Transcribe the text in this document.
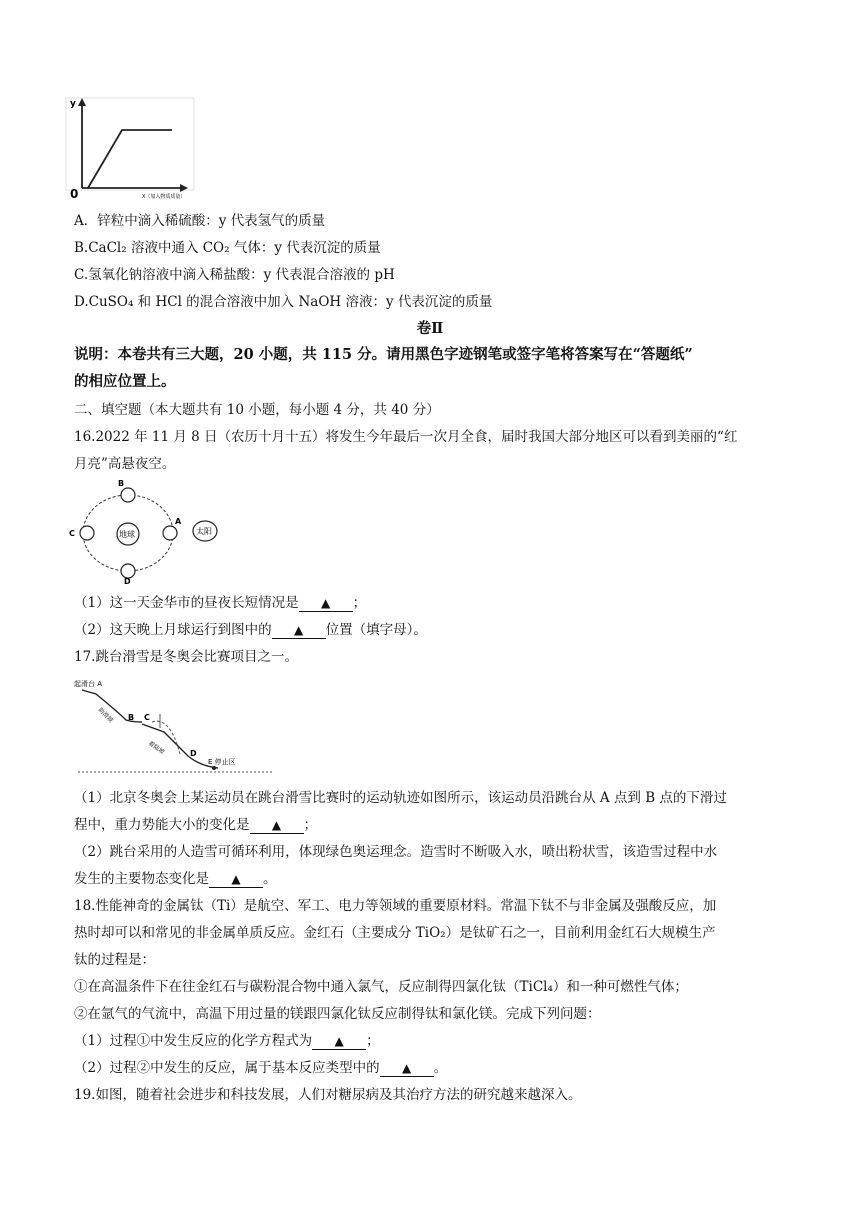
y
0	X（加入物质质量）
A．锌粒中滴入稀硫酸：y 代表氢气的质量
B.CaCl₂ 溶液中通入 CO₂ 气体：y 代表沉淀的质量
C.氢氧化钠溶液中滴入稀盐酸：y 代表混合溶液的 pH
D.CuSO₄ 和 HCl 的混合溶液中加入 NaOH 溶液：y 代表沉淀的质量
卷Ⅱ
说明：本卷共有三大题，20 小题，共 115 分。请用黑色字迹钢笔或签字笔将答案写在“答题纸”
的相应位置上。
二、填空题（本大题共有 10 小题，每小题 4 分，共 40 分）
16.2022 年 11 月 8 日（农历十月十五）将发生今年最后一次月全食，届时我国大部分地区可以看到美丽的“红
月亮”高悬夜空。
地球
B
D
C
A
太阳
（1）这一天金华市的昼夜长短情况是 ▲ ；
（2）这天晚上月球运行到图中的 ▲ 位置（填字母）。
17.跳台滑雪是冬奥会比赛项目之一。
起滑台 A
助滑坡 B C
着陆坡	D
E 停止区
（1）北京冬奥会上某运动员在跳台滑雪比赛时的运动轨迹如图所示，该运动员沿跳台从 A 点到 B 点的下滑过
程中，重力势能大小的变化是 ▲ ；
（2）跳台采用的人造雪可循环利用，体现绿色奥运理念。造雪时不断吸入水，喷出粉状雪，该造雪过程中水
发生的主要物态变化是 ▲ 。
18.性能神奇的金属钛（Ti）是航空、军工、电力等领域的重要原材料。常温下钛不与非金属及强酸反应，加
热时却可以和常见的非金属单质反应。金红石（主要成分 TiO₂）是钛矿石之一，目前利用金红石大规模生产
钛的过程是：
①在高温条件下在往金红石与碳粉混合物中通入氯气，反应制得四氯化钛（TiCl₄）和一种可燃性气体；
②在氩气的气流中，高温下用过量的镁跟四氯化钛反应制得钛和氯化镁。完成下列问题：
（1）过程①中发生反应的化学方程式为 ▲ ；
（2）过程②中发生的反应，属于基本反应类型中的 ▲ 。
19.如图，随着社会进步和科技发展，人们对糖尿病及其治疗方法的研究越来越深入。
